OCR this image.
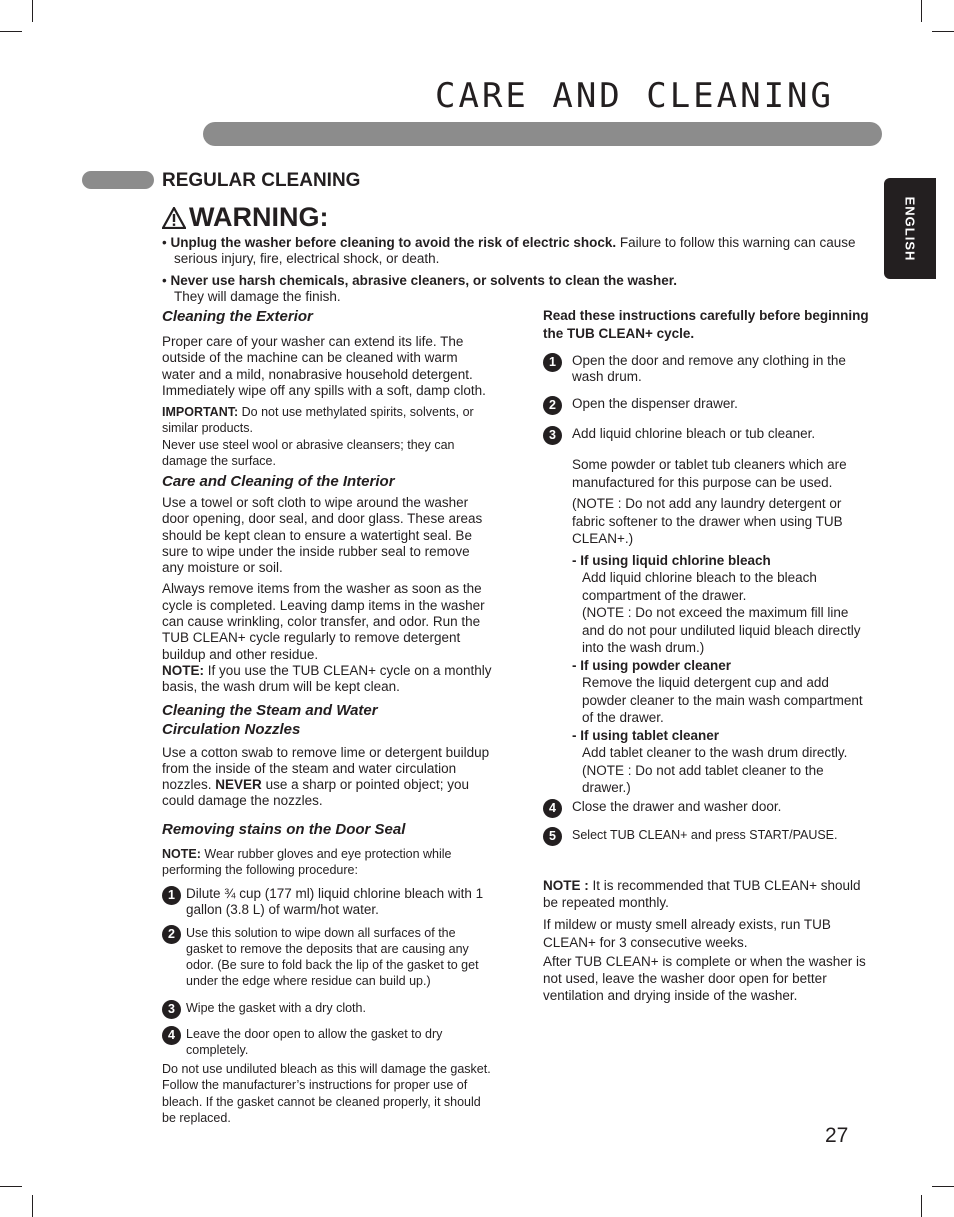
CARE AND CLEANING
ENGLISH
REGULAR CLEANING
WARNING:
• Unplug the washer before cleaning to avoid the risk of electric shock. Failure to follow this warning can cause serious injury, fire, electrical shock, or death.
• Never use harsh chemicals, abrasive cleaners, or solvents to clean the washer.
They will damage the finish.
Cleaning the Exterior

Proper care of your washer can extend its life. The outside of the machine can be cleaned with warm water and a mild, nonabrasive household detergent. Immediately wipe off any spills with a soft, damp cloth.

IMPORTANT: Do not use methylated spirits, solvents, or similar products.

Never use steel wool or abrasive cleansers; they can damage the surface.

Care and Cleaning of the Interior

Use a towel or soft cloth to wipe around the washer door opening, door seal, and door glass. These areas should be kept clean to ensure a watertight seal. Be sure to wipe under the inside rubber seal to remove any moisture or soil.

Always remove items from the washer as soon as the cycle is completed. Leaving damp items in the washer can cause wrinkling, color transfer, and odor. Run the TUB CLEAN+ cycle regularly to remove detergent buildup and other residue.

NOTE: If you use the TUB CLEAN+ cycle on a monthly basis, the wash drum will be kept clean.

Cleaning the Steam and Water
Circulation Nozzles

Use a cotton swab to remove lime or detergent buildup from the inside of the steam and water circulation nozzles. NEVER use a sharp or pointed object; you could damage the nozzles.

Removing stains on the Door Seal

NOTE: Wear rubber gloves and eye protection while performing the following procedure:

1 Dilute ¾ cup (177 ml) liquid chlorine bleach with 1 gallon (3.8 L) of warm/hot water.
2 Use this solution to wipe down all surfaces of the gasket to remove the deposits that are causing any odor. (Be sure to fold back the lip of the gasket to get under the edge where residue can build up.)
3 Wipe the gasket with a dry cloth.
4 Leave the door open to allow the gasket to dry completely.

Do not use undiluted bleach as this will damage the gasket. Follow the manufacturer’s instructions for proper use of bleach. If the gasket cannot be cleaned properly, it should be replaced.

Read these instructions carefully before beginning the TUB CLEAN+ cycle.

1	Open the door and remove any clothing in the wash drum.
2	Open the dispenser drawer.
3	Add liquid chlorine bleach or tub cleaner.

Some powder or tablet tub cleaners which are manufactured for this purpose can be used.

(NOTE : Do not add any laundry detergent or fabric softener to the drawer when using TUB CLEAN+.)

- If using liquid chlorine bleach
Add liquid chlorine bleach to the bleach compartment of the drawer.
(NOTE : Do not exceed the maximum fill line and do not pour undiluted liquid bleach directly into the wash drum.)
- If using powder cleaner
Remove the liquid detergent cup and add powder cleaner to the main wash compartment of the drawer.
- If using tablet cleaner
Add tablet cleaner to the wash drum directly.
(NOTE : Do not add tablet cleaner to the drawer.)
4	Close the drawer and washer door.
5	Select TUB CLEAN+ and press START/PAUSE.

NOTE : It is recommended that TUB CLEAN+ should be repeated monthly.

If mildew or musty smell already exists, run TUB CLEAN+ for 3 consecutive weeks.

After TUB CLEAN+ is complete or when the washer is not used, leave the washer door open for better ventilation and drying inside of the washer.

27
